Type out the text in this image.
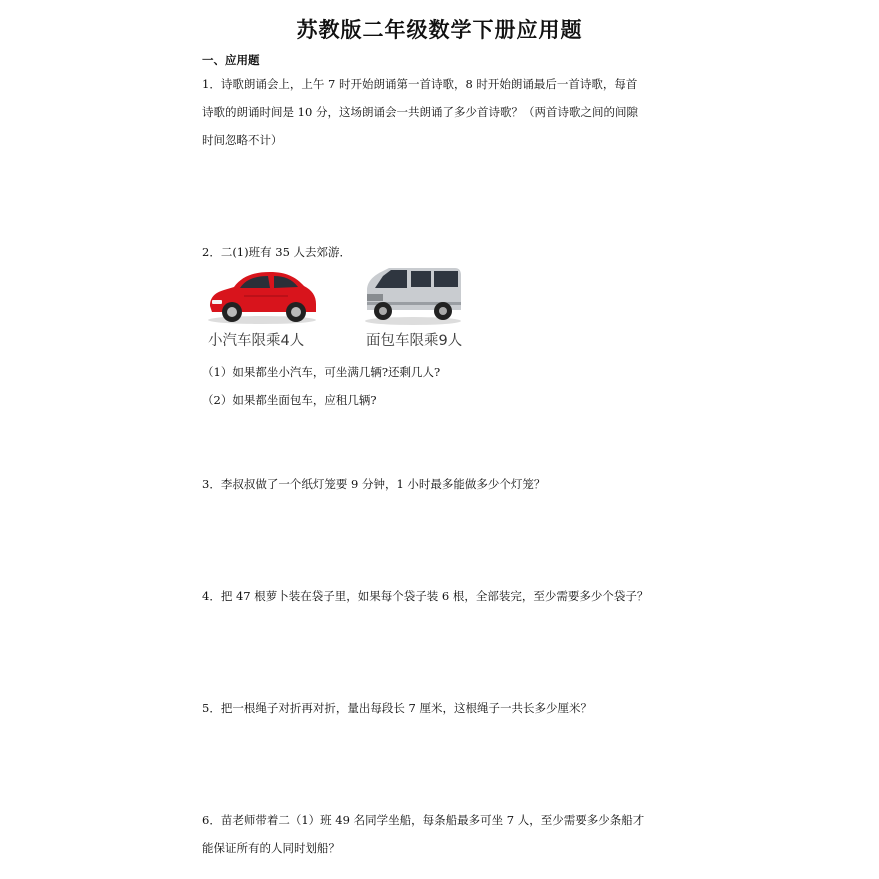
苏教版二年级数学下册应用题
一、应用题

1．诗歌朗诵会上，上午 7 时开始朗诵第一首诗歌，8 时开始朗诵最后一首诗歌，每首

诗歌的朗诵时间是 10 分，这场朗诵会一共朗诵了多少首诗歌？（两首诗歌之间的间隙

时间忽略不计）

2．二(1)班有 35 人去郊游．

小汽车限乘4人	面包车限乘9人

（1）如果都坐小汽车，可坐满几辆?还剩几人?

（2）如果都坐面包车，应租几辆?

3．李叔叔做了一个纸灯笼要 9 分钟，1 小时最多能做多少个灯笼？

4．把 47 根萝卜装在袋子里，如果每个袋子装 6 根，全部装完，至少需要多少个袋子？

5．把一根绳子对折再对折，量出每段长 7 厘米，这根绳子一共长多少厘米？

6．苗老师带着二（1）班 49 名同学坐船，每条船最多可坐 7 人，至少需要多少条船才

能保证所有的人同时划船？
